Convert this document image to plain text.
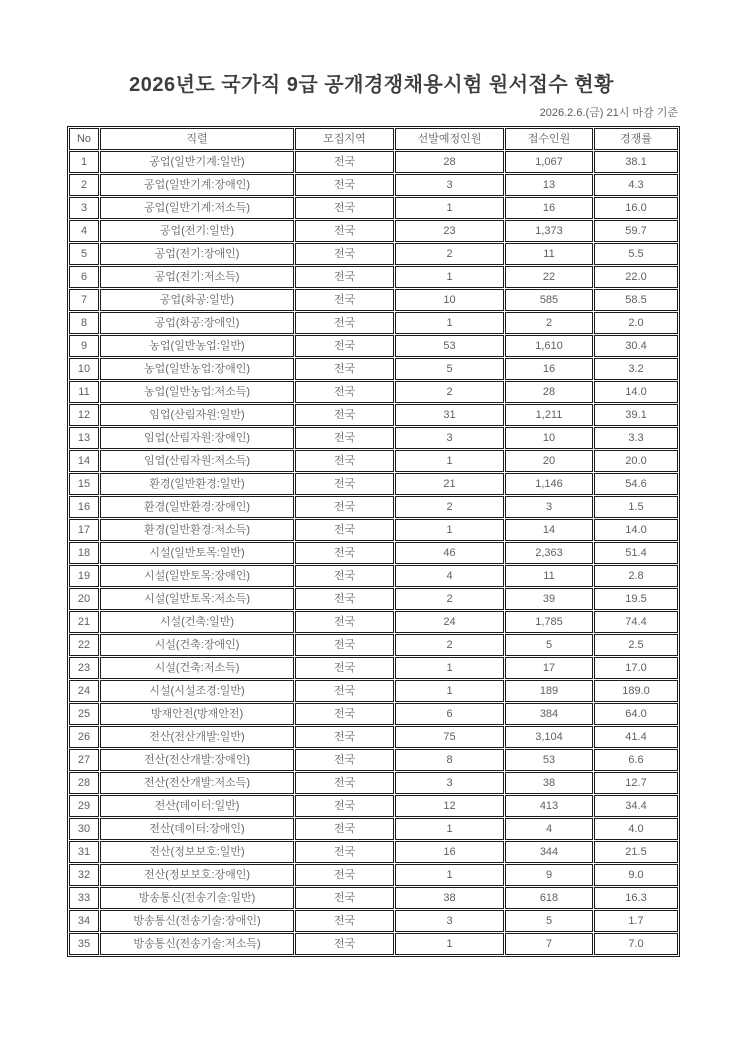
2026년도 국가직 9급 공개경쟁채용시험 원서접수 현황
2026.2.6.(금) 21시 마감 기준
No	직렬	모집지역	선발예정인원	접수인원	경쟁률
1	공업(일반기계:일반)	전국	28	1,067	38.1
2	공업(일반기계:장애인)	전국	3	13	4.3
3	공업(일반기계:저소득)	전국	1	16	16.0
4	공업(전기:일반)	전국	23	1,373	59.7
5	공업(전기:장애인)	전국	2	11	5.5
6	공업(전기:저소득)	전국	1	22	22.0
7	공업(화공:일반)	전국	10	585	58.5
8	공업(화공:장애인)	전국	1	2	2.0
9	농업(일반농업:일반)	전국	53	1,610	30.4
10	농업(일반농업:장애인)	전국	5	16	3.2
11	농업(일반농업:저소득)	전국	2	28	14.0
12	임업(산림자원:일반)	전국	31	1,211	39.1
13	임업(산림자원:장애인)	전국	3	10	3.3
14	임업(산림자원:저소득)	전국	1	20	20.0
15	환경(일반환경:일반)	전국	21	1,146	54.6
16	환경(일반환경:장애인)	전국	2	3	1.5
17	환경(일반환경:저소득)	전국	1	14	14.0
18	시설(일반토목:일반)	전국	46	2,363	51.4
19	시설(일반토목:장애인)	전국	4	11	2.8
20	시설(일반토목:저소득)	전국	2	39	19.5
21	시설(건축:일반)	전국	24	1,785	74.4
22	시설(건축:장애인)	전국	2	5	2.5
23	시설(건축:저소득)	전국	1	17	17.0
24	시설(시설조경:일반)	전국	1	189	189.0
25	방재안전(방재안전)	전국	6	384	64.0
26	전산(전산개발:일반)	전국	75	3,104	41.4
27	전산(전산개발:장애인)	전국	8	53	6.6
28	전산(전산개발:저소득)	전국	3	38	12.7
29	전산(데이터:일반)	전국	12	413	34.4
30	전산(데이터:장애인)	전국	1	4	4.0
31	전산(정보보호:일반)	전국	16	344	21.5
32	전산(정보보호:장애인)	전국	1	9	9.0
33	방송통신(전송기술:일반)	전국	38	618	16.3
34	방송통신(전송기술:장애인)	전국	3	5	1.7
35	방송통신(전송기술:저소득)	전국	1	7	7.0
